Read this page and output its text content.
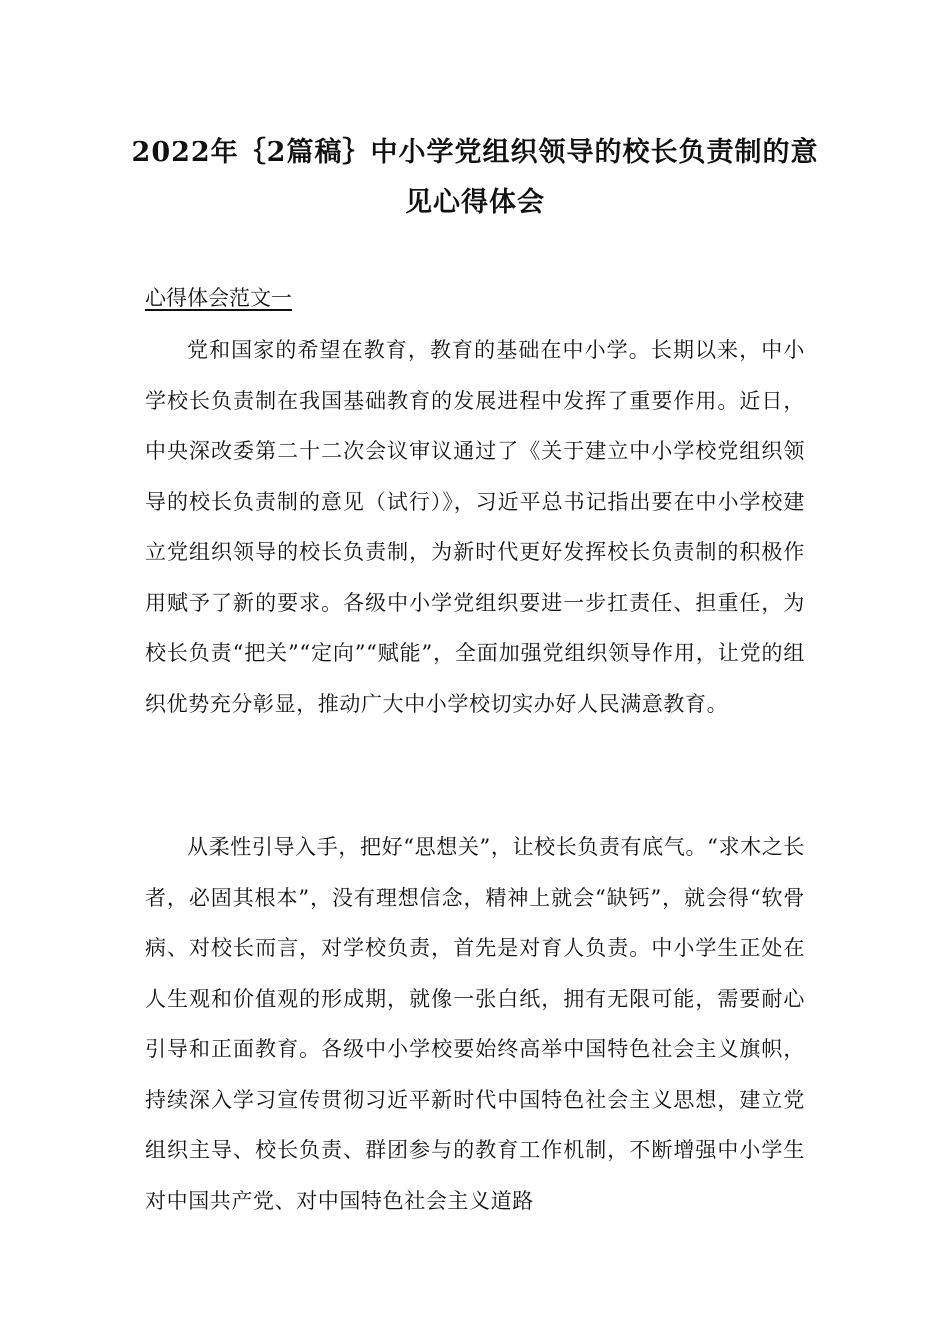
2022年｛2篇稿｝中小学党组织领导的校长负责制的意见心得体会
心得体会范文一

党和国家的希望在教育，教育的基础在中小学。长期以来，中小学校长负责制在我国基础教育的发展进程中发挥了重要作用。近日，中央深改委第二十二次会议审议通过了《关于建立中小学校党组织领导的校长负责制的意见（试行）》，习近平总书记指出要在中小学校建立党组织领导的校长负责制，为新时代更好发挥校长负责制的积极作用赋予了新的要求。各级中小学党组织要进一步扛责任、担重任，为校长负责“把关”“定向”“赋能”，全面加强党组织领导作用，让党的组织优势充分彰显，推动广大中小学校切实办好人民满意教育。

从柔性引导入手，把好“思想关”，让校长负责有底气。“求木之长者，必固其根本”，没有理想信念，精神上就会“缺钙”，就会得“软骨病、对校长而言，对学校负责，首先是对育人负责。中小学生正处在人生观和价值观的形成期，就像一张白纸，拥有无限可能，需要耐心引导和正面教育。各级中小学校要始终高举中国特色社会主义旗帜，持续深入学习宣传贯彻习近平新时代中国特色社会主义思想，建立党组织主导、校长负责、群团参与的教育工作机制，不断增强中小学生对中国共产党、对中国特色社会主义道路
